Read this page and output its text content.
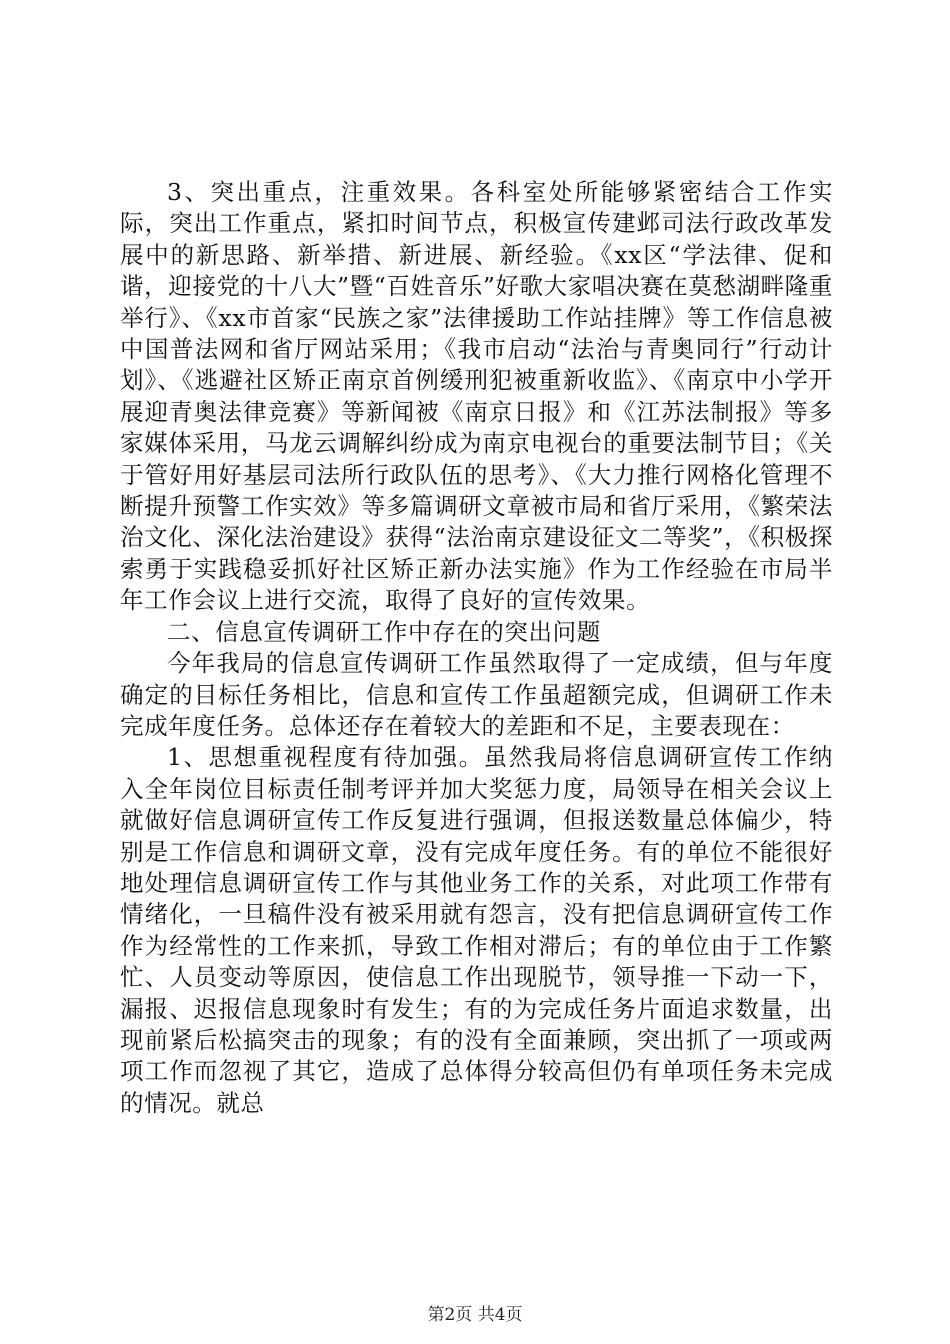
3、突出重点，注重效果。各科室处所能够紧密结合工作实际，突出工作重点，紧扣时间节点，积极宣传建邺司法行政改革发展中的新思路、新举措、新进展、新经验。《xx区“学法律、促和谐，迎接党的十八大”暨“百姓音乐”好歌大家唱决赛在莫愁湖畔隆重举行》、《xx市首家“民族之家”法律援助工作站挂牌》等工作信息被中国普法网和省厅网站采用；《我市启动“法治与青奥同行”行动计划》、《逃避社区矫正南京首例缓刑犯被重新收监》、《南京中小学开展迎青奥法律竞赛》等新闻被《南京日报》和《江苏法制报》等多家媒体采用，马龙云调解纠纷成为南京电视台的重要法制节目；《关于管好用好基层司法所行政队伍的思考》、《大力推行网格化管理不断提升预警工作实效》等多篇调研文章被市局和省厅采用，《繁荣法治文化、深化法治建设》获得“法治南京建设征文二等奖”，《积极探索勇于实践稳妥抓好社区矫正新办法实施》作为工作经验在市局半年工作会议上进行交流，取得了良好的宣传效果。

二、信息宣传调研工作中存在的突出问题

今年我局的信息宣传调研工作虽然取得了一定成绩，但与年度确定的目标任务相比，信息和宣传工作虽超额完成，但调研工作未完成年度任务。总体还存在着较大的差距和不足，主要表现在：

1、思想重视程度有待加强。虽然我局将信息调研宣传工作纳入全年岗位目标责任制考评并加大奖惩力度，局领导在相关会议上就做好信息调研宣传工作反复进行强调，但报送数量总体偏少，特别是工作信息和调研文章，没有完成年度任务。有的单位不能很好地处理信息调研宣传工作与其他业务工作的关系，对此项工作带有情绪化，一旦稿件没有被采用就有怨言，没有把信息调研宣传工作作为经常性的工作来抓，导致工作相对滞后；有的单位由于工作繁忙、人员变动等原因，使信息工作出现脱节，领导推一下动一下，漏报、迟报信息现象时有发生；有的为完成任务片面追求数量，出现前紧后松搞突击的现象；有的没有全面兼顾，突出抓了一项或两项工作而忽视了其它，造成了总体得分较高但仍有单项任务未完成的情况。就总

第2页 共4页
